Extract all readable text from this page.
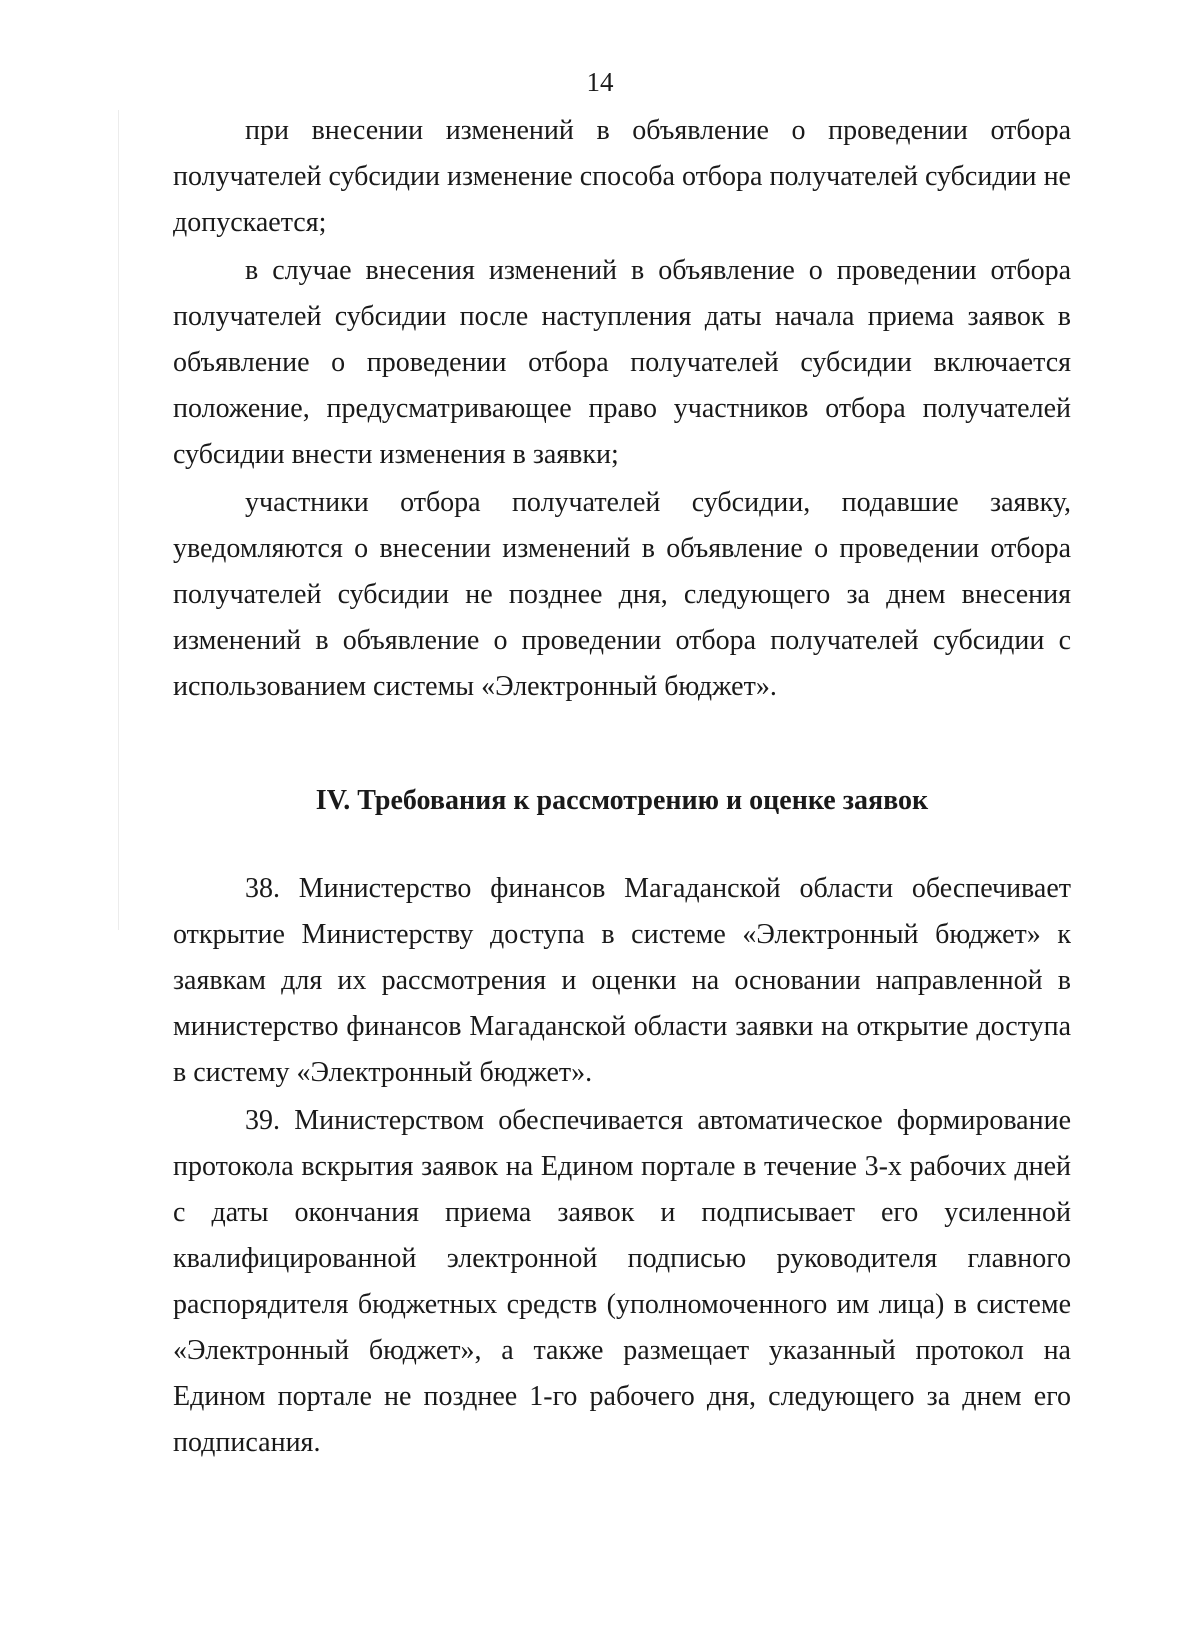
14

при внесении изменений в объявление о проведении отбора получателей субсидии изменение способа отбора получателей субсидии не допускается;

в случае внесения изменений в объявление о проведении отбора получателей субсидии после наступления даты начала приема заявок в объявление о проведении отбора получателей субсидии включается положение, предусматривающее право участников отбора получателей субсидии внести изменения в заявки;

участники отбора получателей субсидии, подавшие заявку, уведомляются о внесении изменений в объявление о проведении отбора получателей субсидии не позднее дня, следующего за днем внесения изменений в объявление о проведении отбора получателей субсидии с использованием системы «Электронный бюджет».

IV. Требования к рассмотрению и оценке заявок

38. Министерство финансов Магаданской области обеспечивает открытие Министерству доступа в системе «Электронный бюджет» к заявкам для их рассмотрения и оценки на основании направленной в министерство финансов Магаданской области заявки на открытие доступа в систему «Электронный бюджет».

39. Министерством обеспечивается автоматическое формирование протокола вскрытия заявок на Едином портале в течение 3-х рабочих дней с даты окончания приема заявок и подписывает его усиленной квалифицированной электронной подписью руководителя главного распорядителя бюджетных средств (уполномоченного им лица) в системе «Электронный бюджет», а также размещает указанный протокол на Едином портале не позднее 1-го рабочего дня, следующего за днем его подписания.
